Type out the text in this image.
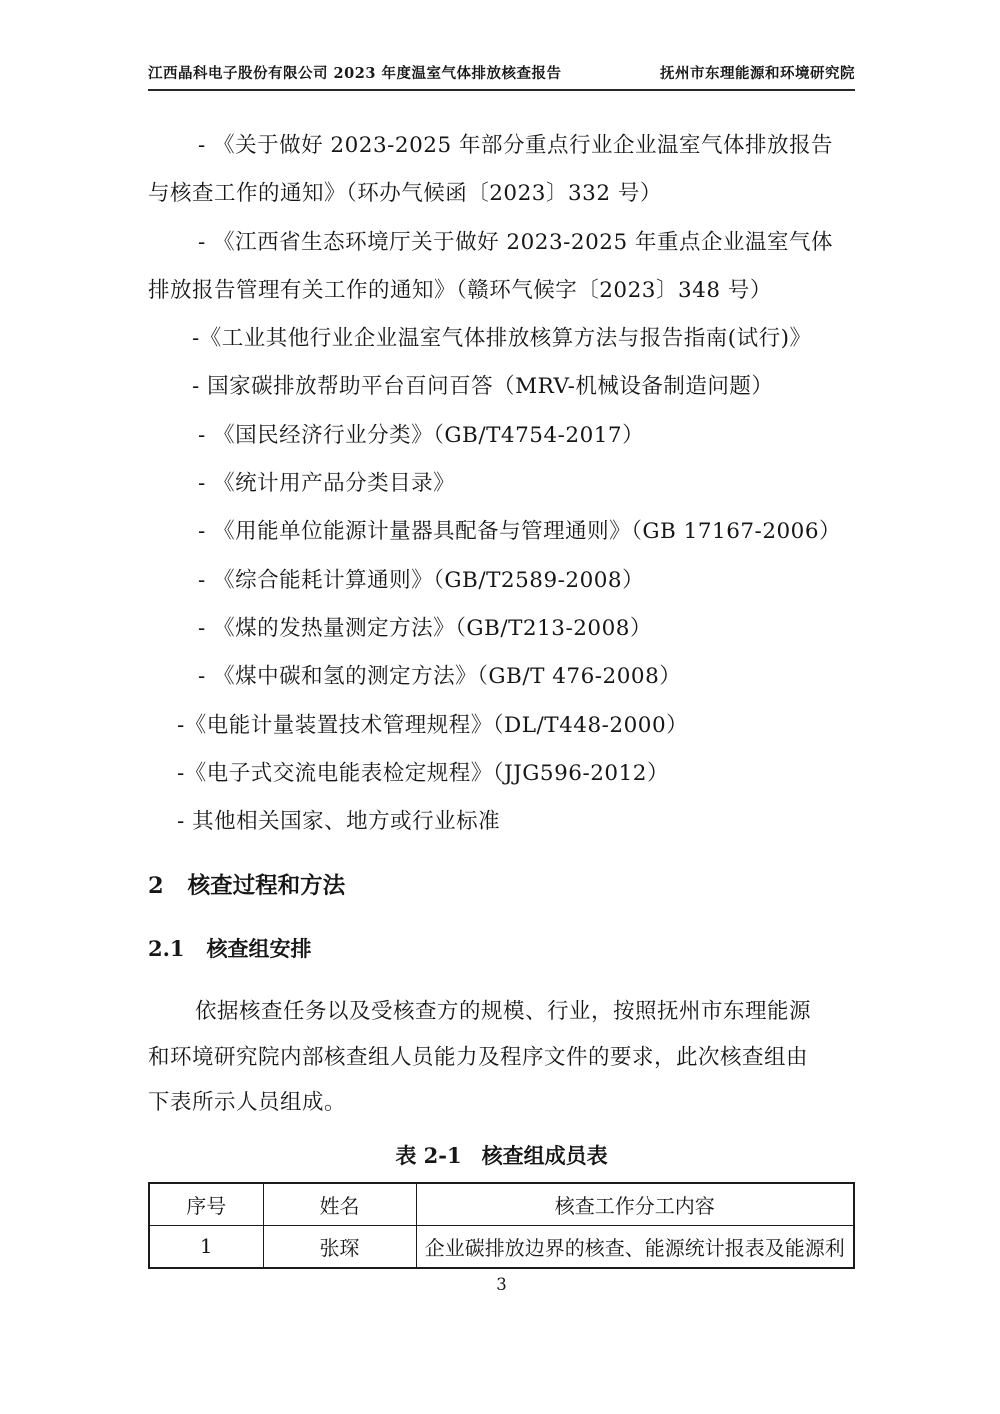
江西晶科电子股份有限公司 2023 年度温室气体排放核查报告	抚州市东理能源和环境研究院
- 《关于做好 2023-2025 年部分重点行业企业温室气体排放报告
与核查工作的通知》（环办气候函〔2023〕332 号）
- 《江西省生态环境厅关于做好 2023-2025 年重点企业温室气体
排放报告管理有关工作的通知》（赣环气候字〔2023〕348 号）
-《工业其他行业企业温室气体排放核算方法与报告指南(试行)》
- 国家碳排放帮助平台百问百答（MRV-机械设备制造问题）
- 《国民经济行业分类》（GB/T4754-2017）
- 《统计用产品分类目录》
- 《用能单位能源计量器具配备与管理通则》（GB 17167-2006）
- 《综合能耗计算通则》（GB/T2589-2008）
- 《煤的发热量测定方法》（GB/T213-2008）
- 《煤中碳和氢的测定方法》（GB/T 476-2008）
-《电能计量装置技术管理规程》（DL/T448-2000）
-《电子式交流电能表检定规程》（JJG596-2012）
- 其他相关国家、地方或行业标准
2 核查过程和方法
2.1 核查组安排
依据核查任务以及受核查方的规模、行业，按照抚州市东理能源
和环境研究院内部核查组人员能力及程序文件的要求，此次核查组由
下表所示人员组成。
表 2-1 核查组成员表
序号	姓名	核查工作分工内容
1	张琛	企业碳排放边界的核查、能源统计报表及能源利
3
